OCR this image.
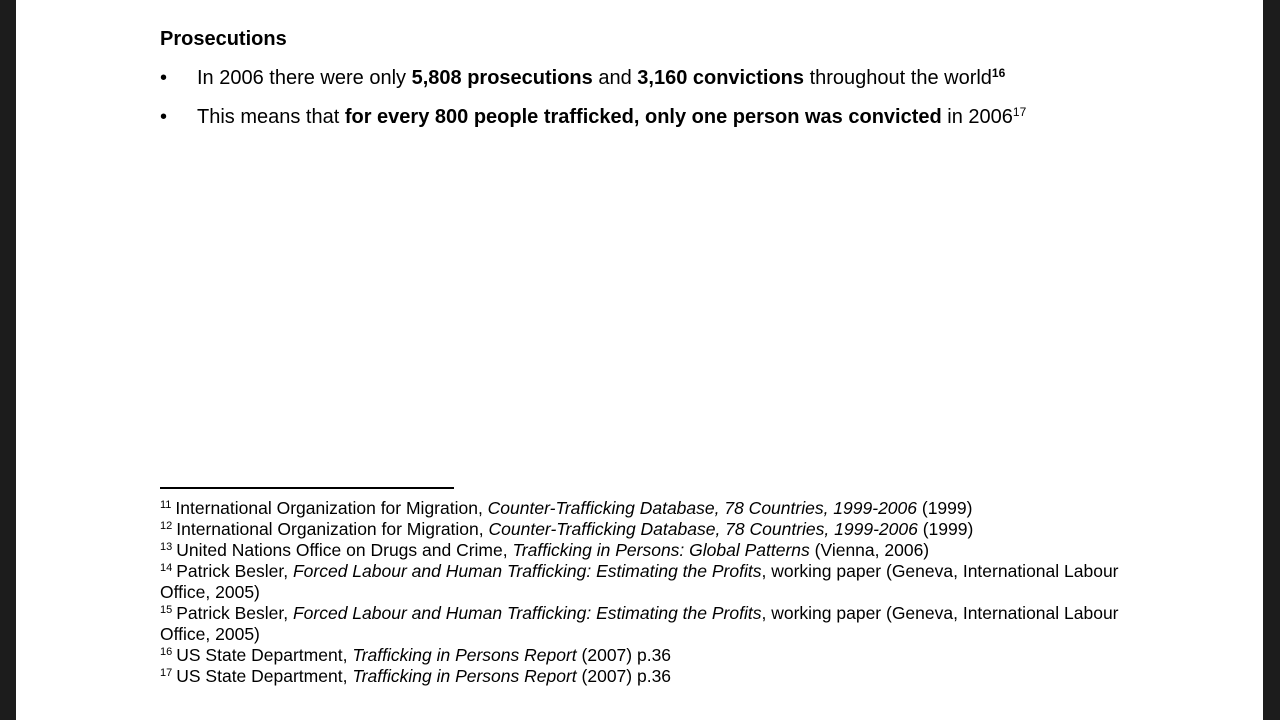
Prosecutions
• In 2006 there were only 5,808 prosecutions and 3,160 convictions throughout the world$^{16}$
• This means that for every 800 people trafficked, only one person was convicted in 2006$^{17}$
$^{11}$ International Organization for Migration, Counter-Trafficking Database, 78 Countries, 1999-2006 (1999)
$^{12}$ International Organization for Migration, Counter-Trafficking Database, 78 Countries, 1999-2006 (1999)
$^{13}$ United Nations Office on Drugs and Crime, Trafficking in Persons: Global Patterns (Vienna, 2006)
$^{14}$ Patrick Besler, Forced Labour and Human Trafficking: Estimating the Profits, working paper (Geneva, International Labour Office, 2005)
$^{15}$ Patrick Besler, Forced Labour and Human Trafficking: Estimating the Profits, working paper (Geneva, International Labour Office, 2005)
$^{16}$ US State Department, Trafficking in Persons Report (2007) p.36
$^{17}$ US State Department, Trafficking in Persons Report (2007) p.36
